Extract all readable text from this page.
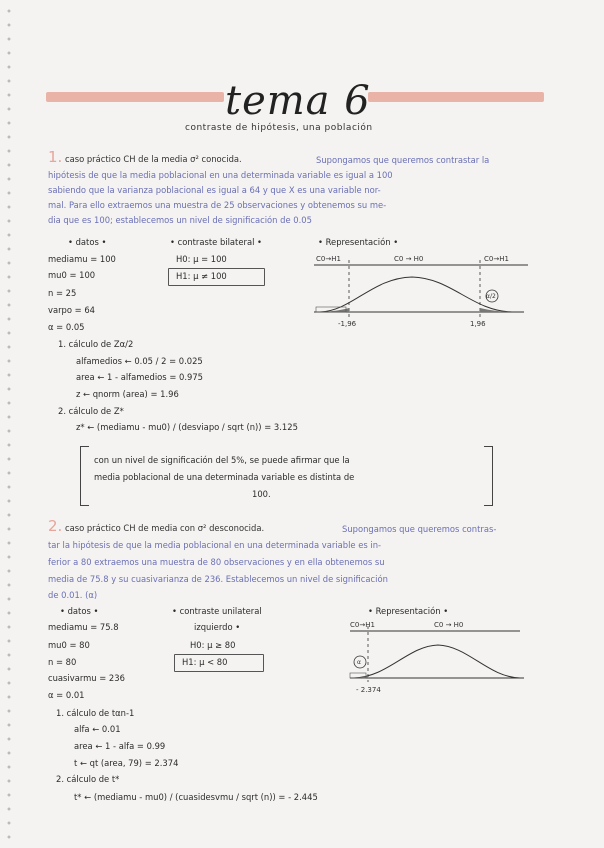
tema 6
contraste de hipótesis, una población
1. caso práctico CH de la media σ² conocida.	Supongamos que queremos contrastar la
hipótesis de que la media poblacional en una determinada variable es igual a 100
sabiendo que la varianza poblacional es igual a 64 y que X es una variable nor-
mal. Para ello extraemos una muestra de 25 observaciones y obtenemos su me-
dia que es 100; establecemos un nivel de significación de 0.05
• datos •
mediamu = 100
mu0 = 100
n = 25
varpo = 64
α = 0.05
• contraste bilateral •
H0: μ = 100
H1: μ ≠ 100
• Representación •
C0→H1	C0 → H0	C0→H1
α/2
-1,96	1,96
1. cálculo de Zα/2
alfamedios ← 0.05 / 2 = 0.025
area ← 1 - alfamedios = 0.975
z ← qnorm (area) = 1.96
2. cálculo de Z*
z* ← (mediamu - mu0) / (desviapo / sqrt (n)) = 3.125
con un nivel de significación del 5%, se puede afirmar que la
media poblacional de una determinada variable es distinta de
100.
2. caso práctico CH de media con σ² desconocida.	Supongamos que queremos contras-
tar la hipótesis de que la media poblacional en una determinada variable es in-
ferior a 80 extraemos una muestra de 80 observaciones y en ella obtenemos su
media de 75.8 y su cuasivarianza de 236. Establecemos un nivel de significación
de 0.01. (α)
• datos •
mediamu = 75.8
mu0 = 80
n = 80
cuasivarmu = 236
α = 0.01
• contraste unilateral
izquierdo •
H0: μ ≥ 80
H1: μ < 80
• Representación •
C0→H1	C0 → H0
α
- 2.374
1. cálculo de tαn-1
alfa ← 0.01
area ← 1 - alfa = 0.99
t ← qt (area, 79) = 2.374
2. cálculo de t*
t* ← (mediamu - mu0) / (cuasidesvmu / sqrt (n)) = - 2.445
